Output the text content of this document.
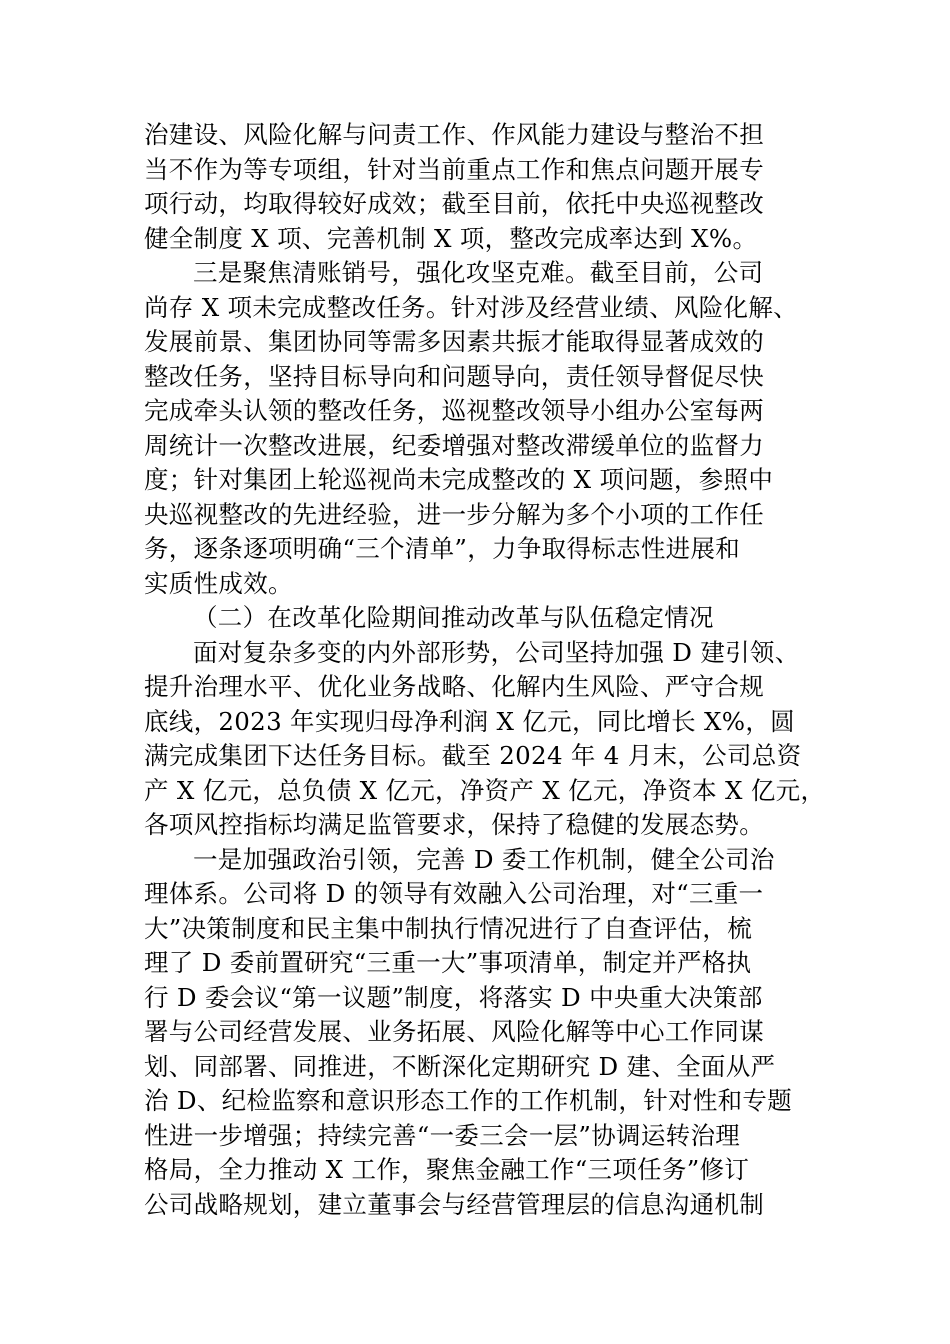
治建设、风险化解与问责工作、作风能力建设与整治不担
当不作为等专项组，针对当前重点工作和焦点问题开展专
项行动，均取得较好成效；截至目前，依托中央巡视整改
健全制度 X 项、完善机制 X 项，整改完成率达到 X%。
三是聚焦清账销号，强化攻坚克难。截至目前，公司
尚存 X 项未完成整改任务。针对涉及经营业绩、风险化解、
发展前景、集团协同等需多因素共振才能取得显著成效的
整改任务，坚持目标导向和问题导向，责任领导督促尽快
完成牵头认领的整改任务，巡视整改领导小组办公室每两
周统计一次整改进展，纪委增强对整改滞缓单位的监督力
度；针对集团上轮巡视尚未完成整改的 X 项问题，参照中
央巡视整改的先进经验，进一步分解为多个小项的工作任
务，逐条逐项明确“三个清单”，力争取得标志性进展和
实质性成效。
（二）在改革化险期间推动改革与队伍稳定情况
面对复杂多变的内外部形势，公司坚持加强 D 建引领、
提升治理水平、优化业务战略、化解内生风险、严守合规
底线，2023 年实现归母净利润 X 亿元，同比增长 X%，圆
满完成集团下达任务目标。截至 2024 年 4 月末，公司总资
产 X 亿元，总负债 X 亿元，净资产 X 亿元，净资本 X 亿元，
各项风控指标均满足监管要求，保持了稳健的发展态势。
一是加强政治引领，完善 D 委工作机制，健全公司治
理体系。公司将 D 的领导有效融入公司治理，对“三重一
大”决策制度和民主集中制执行情况进行了自查评估，梳
理了 D 委前置研究“三重一大”事项清单，制定并严格执
行 D 委会议“第一议题”制度，将落实 D 中央重大决策部
署与公司经营发展、业务拓展、风险化解等中心工作同谋
划、同部署、同推进，不断深化定期研究 D 建、全面从严
治 D、纪检监察和意识形态工作的工作机制，针对性和专题
性进一步增强；持续完善“一委三会一层”协调运转治理
格局，全力推动 X 工作，聚焦金融工作“三项任务”修订
公司战略规划，建立董事会与经营管理层的信息沟通机制
